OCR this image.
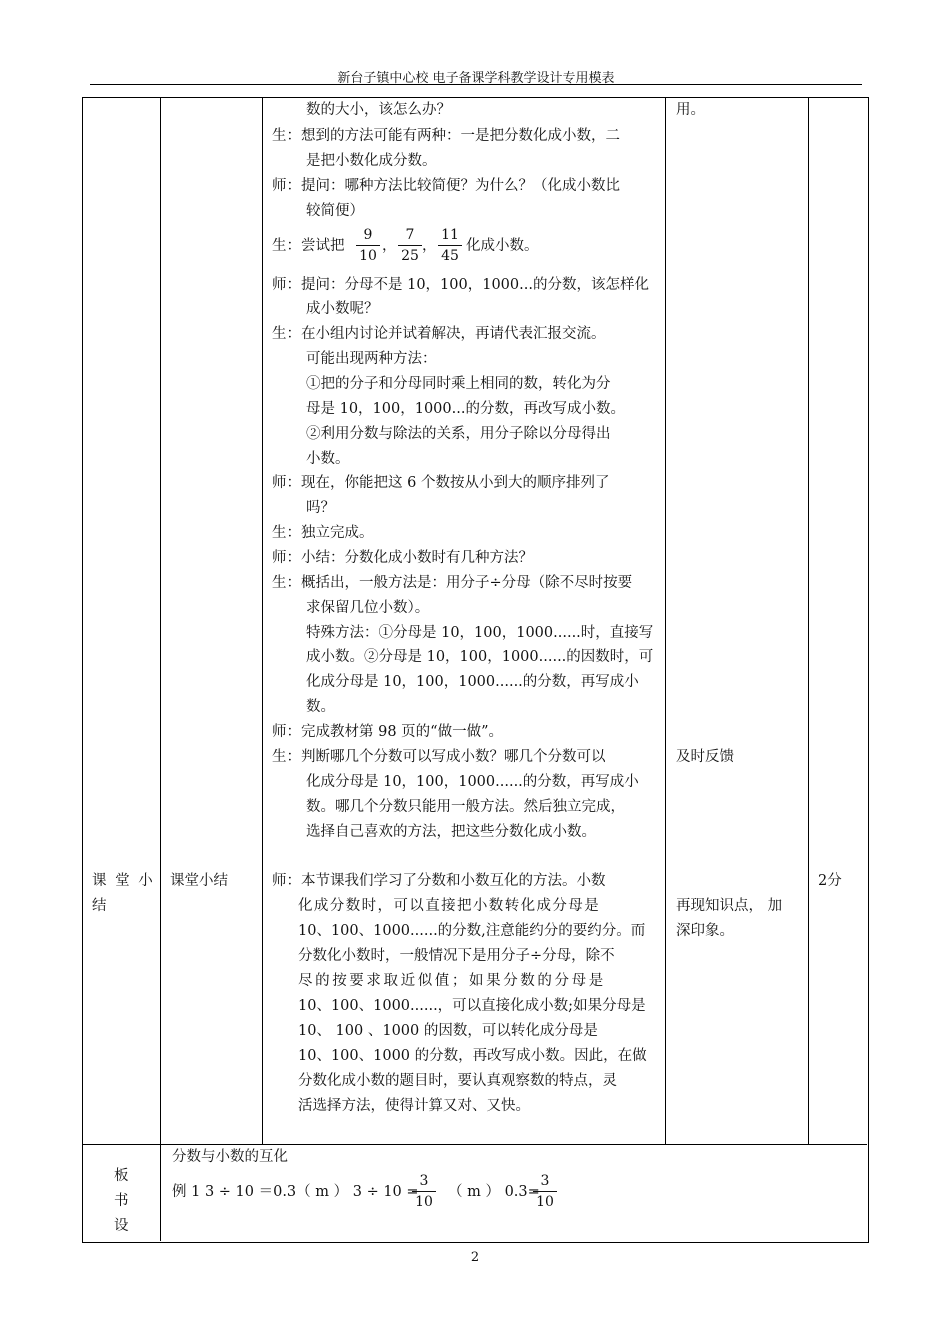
新台子镇中心校 电子备课学科教学设计专用模表
数的大小，该怎么办？
生：想到的方法可能有两种：一是把分数化成小数，二
是把小数化成分数。
师：提问：哪种方法比较简便？为什么？（化成小数比
较简便）
生：尝试把
9
10
，
7
25
，
11
45
化成小数。
师：提问：分母不是 10，100，1000...的分数，该怎样化
成小数呢？
生：在小组内讨论并试着解决，再请代表汇报交流。
可能出现两种方法：
①把的分子和分母同时乘上相同的数，转化为分
母是 10，100，1000...的分数，再改写成小数。
②利用分数与除法的关系，用分子除以分母得出
小数。
师：现在，你能把这 6 个数按从小到大的顺序排列了
吗？
生：独立完成。
师：小结：分数化成小数时有几种方法？
生：概括出，一般方法是：用分子÷分母（除不尽时按要
求保留几位小数）。
特殊方法：①分母是 10，100，1000......时，直接写
成小数。②分母是 10，100，1000......的因数时，可
化成分母是 10，100，1000......的分数，再写成小
数。
师：完成教材第 98 页的“做一做”。
生：判断哪几个分数可以写成小数？哪几个分数可以
化成分母是 10，100，1000......的分数，再写成小
数。哪几个分数只能用一般方法。然后独立完成，
选择自己喜欢的方法，把这些分数化成小数。
师：本节课我们学习了分数和小数互化的方法。小数
化成分数时，可以直接把小数转化成分母是
10、100、1000......的分数,注意能约分的要约分。而
分数化小数时，一般情况下是用分子÷分母，除不
尽的按要求取近似值；如果分数的分母是
10、100、1000......，可以直接化成小数;如果分母是
10、 100 、1000 的因数，可以转化成分母是
10、100、1000 的分数，再改写成小数。因此，在做
分数化成小数的题目时，要认真观察数的特点，灵
活选择方法，使得计算又对、又快。
课 堂 小
结
课堂小结
用。
及时反馈
再现知识点， 加
深印象。
2分
板
书
设
分数与小数的互化
例 1 3 ÷ 10 ＝0.3（ m ） 3 ÷ 10 =
3
10
（ m ） 0.3=
3
10
2
